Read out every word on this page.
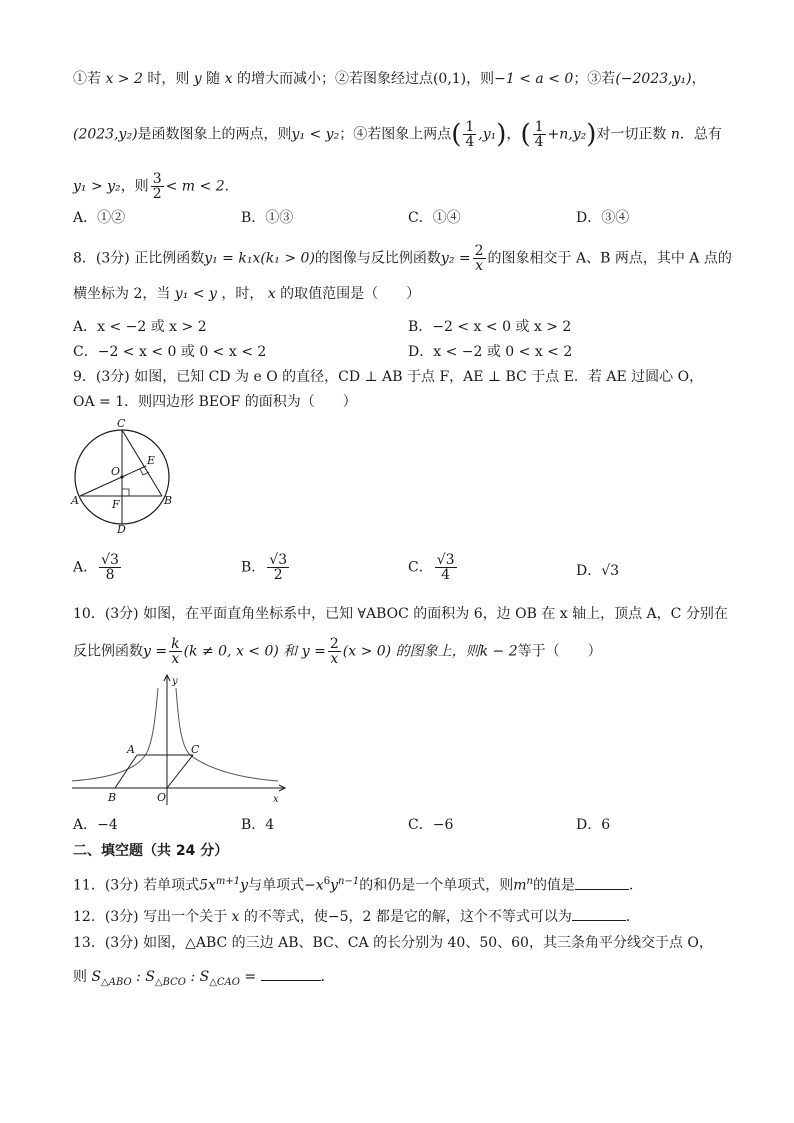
①若 x > 2 时，则 y 随 x 的增大而减小；②若图象经过点(0,1)，则−1 < a < 0；③若(−2023,y₁)，
(2023,y₂)是函数图象上的两点，则y₁ < y₂；④若图象上两点( $\frac{1}{4} ,y_1$)，( $\frac{1}{4} +n,y_2$)对一切正数 n．总有
y₁ > y₂，则 $\frac{3}{2} < m < 2$．
A．①②	B．①③	C．①④	D．③④
8．(3分) 正比例函数y₁ = k₁x(k₁ > 0)的图像与反比例函数$y_2 = \frac{2}{x}$ 的图象相交于 A、B 两点，其中 A 点的
横坐标为 2，当 y₁ < y ，时， x 的取值范围是（　　）
A．x < −2 或 x > 2	B．−2 < x < 0 或 x > 2
C．−2 < x < 0 或 0 < x < 2	D．x < −2 或 0 < x < 2
9．(3分) 如图，已知 CD 为 e O 的直径，CD ⊥ AB 于点 F，AE ⊥ BC 于点 E．若 AE 过圆心 O，
OA = 1．则四边形 BEOF 的面积为（　　）
C
O
E
A	F	B
D
A． $\frac{√3}{8}$	B． $\frac{√3}{2}$	C． $\frac{√3}{4}$	D．√3
10．(3分) 如图，在平面直角坐标系中，已知 ∀ABOC 的面积为 6，边 OB 在 x 轴上，顶点 A，C 分别在
反比例函数$y = \frac{k}{x} (k \ne 0$, x < 0) 和 $y = \frac{2}{x} (x > 0)$ 的图象上，则k − 2等于（　　）
y
A	C
B	O	x
A．−4	B．4	C．−6	D．6
二、填空题（共 24 分）
11．(3分) 若单项式$5x^{m+1}y$与单项式$-x^6y^{n-1}$的和仍是一个单项式，则$m^n$的值是	．
12．(3分) 写出一个关于 x 的不等式，使−5，2 都是它的解，这个不等式可以为	．
13．(3分) 如图，△ABC 的三边 AB、BC、CA 的长分别为 40、50、60，其三条角平分线交于点 O，
则 $S_{\triangle ABO}$ : $S_{\triangle BCO}$ : $S_{\triangle CAO}$ =	．
